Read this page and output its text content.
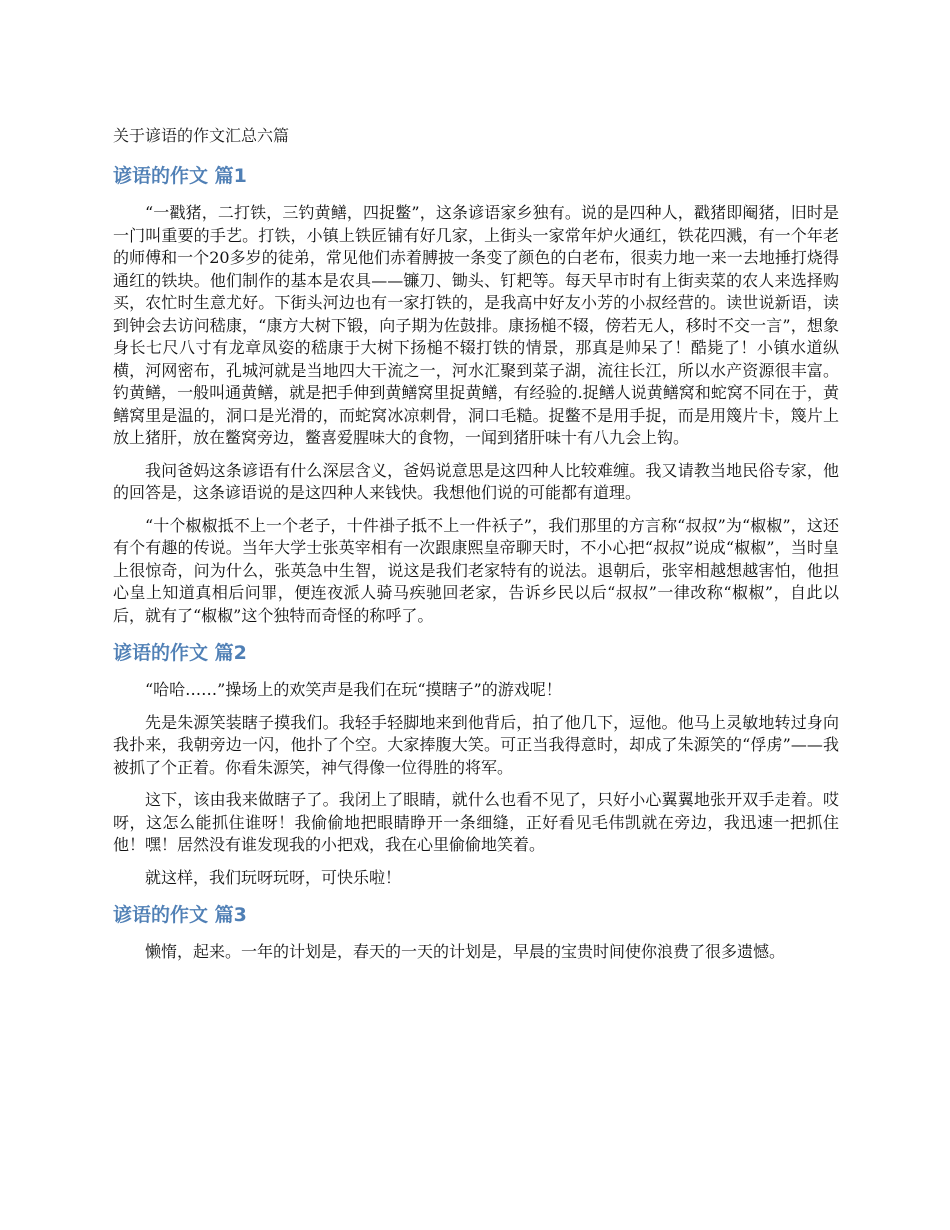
关于谚语的作文汇总六篇
谚语的作文 篇1

“一戳猪，二打铁，三钓黄鳝，四捉鳖”，这条谚语家乡独有。说的是四种人，戳猪即阉猪，旧时是一门叫重要的手艺。打铁，小镇上铁匠铺有好几家，上街头一家常年炉火通红，铁花四溅，有一个年老的师傅和一个20多岁的徒弟，常见他们赤着膊披一条变了颜色的白老布，很卖力地一来一去地捶打烧得通红的铁块。他们制作的基本是农具——镰刀、锄头、钉耙等。每天早市时有上街卖菜的农人来选择购买，农忙时生意尤好。下街头河边也有一家打铁的，是我高中好友小芳的小叔经营的。读世说新语，读到钟会去访问嵇康，“康方大树下锻，向子期为佐鼓排。康扬槌不辍，傍若无人，移时不交一言”，想象身长七尺八寸有龙章凤姿的嵇康于大树下扬槌不辍打铁的情景，那真是帅呆了！酷毙了！小镇水道纵横，河网密布，孔城河就是当地四大干流之一，河水汇聚到菜子湖，流往长江，所以水产资源很丰富。钓黄鳝，一般叫通黄鳝，就是把手伸到黄鳝窝里捉黄鳝，有经验的.捉鳝人说黄鳝窝和蛇窝不同在于，黄鳝窝里是温的，洞口是光滑的，而蛇窝冰凉刺骨，洞口毛糙。捉鳖不是用手捉，而是用篾片卡，篾片上放上猪肝，放在鳖窝旁边，鳖喜爱腥味大的食物，一闻到猪肝味十有八九会上钩。

我问爸妈这条谚语有什么深层含义，爸妈说意思是这四种人比较难缠。我又请教当地民俗专家，他的回答是，这条谚语说的是这四种人来钱快。我想他们说的可能都有道理。

“十个椒椒抵不上一个老子，十件褂子抵不上一件袄子”，我们那里的方言称“叔叔”为“椒椒”，这还有个有趣的传说。当年大学士张英宰相有一次跟康熙皇帝聊天时，不小心把“叔叔”说成“椒椒”，当时皇上很惊奇，问为什么，张英急中生智，说这是我们老家特有的说法。退朝后，张宰相越想越害怕，他担心皇上知道真相后问罪，便连夜派人骑马疾驰回老家，告诉乡民以后“叔叔”一律改称“椒椒”，自此以后，就有了“椒椒”这个独特而奇怪的称呼了。

谚语的作文 篇2

“哈哈……”操场上的欢笑声是我们在玩“摸瞎子”的游戏呢！

先是朱源笑装瞎子摸我们。我轻手轻脚地来到他背后，拍了他几下，逗他。他马上灵敏地转过身向我扑来，我朝旁边一闪，他扑了个空。大家捧腹大笑。可正当我得意时，却成了朱源笑的“俘虏”——我被抓了个正着。你看朱源笑，神气得像一位得胜的将军。

这下，该由我来做瞎子了。我闭上了眼睛，就什么也看不见了，只好小心翼翼地张开双手走着。哎呀，这怎么能抓住谁呀！我偷偷地把眼睛睁开一条细缝，正好看见毛伟凯就在旁边，我迅速一把抓住他！嘿！居然没有谁发现我的小把戏，我在心里偷偷地笑着。

就这样，我们玩呀玩呀，可快乐啦！

谚语的作文 篇3

懒惰，起来。一年的计划是，春天的一天的计划是，早晨的宝贵时间使你浪费了很多遗憾。
